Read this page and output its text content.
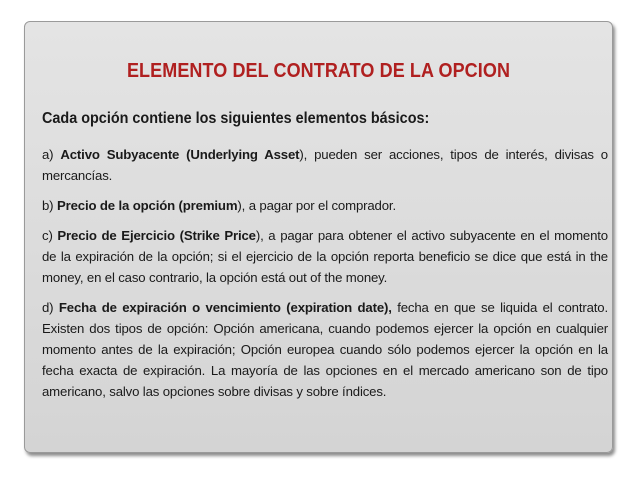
ELEMENTO DEL CONTRATO DE LA OPCION
Cada opción contiene los siguientes elementos básicos:

a) Activo Subyacente (Underlying Asset), pueden ser acciones, tipos de interés, divisas o mercancías.

b) Precio de la opción (premium), a pagar por el comprador.

c) Precio de Ejercicio (Strike Price), a pagar para obtener el activo subyacente en el momento de la expiración de la opción; si el ejercicio de la opción reporta beneficio se dice que está in the money, en el caso contrario, la opción está out of the money.

d) Fecha de expiración o vencimiento (expiration date), fecha en que se liquida el contrato. Existen dos tipos de opción: Opción americana, cuando podemos ejercer la opción en cualquier momento antes de la expiración; Opción europea cuando sólo podemos ejercer la opción en la fecha exacta de expiración. La mayoría de las opciones en el mercado americano son de tipo americano, salvo las opciones sobre divisas y sobre índices.
